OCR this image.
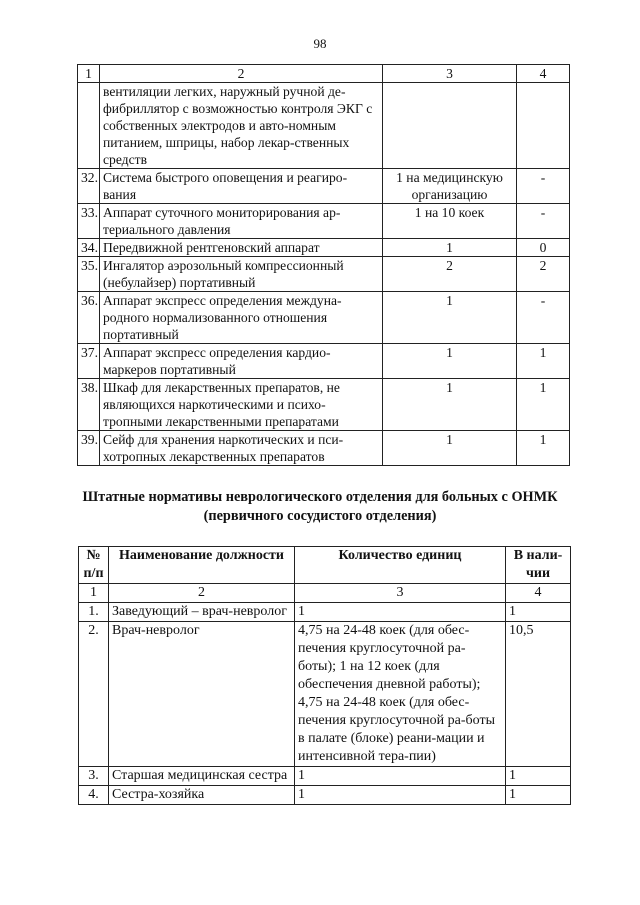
98
1	2	3	4
	вентиляции легких, наружный ручной де-фибриллятор с возможностью контроля ЭКГ с собственных электродов и авто-номным питанием, шприцы, набор лекар-ственных средств		
32.	Система быстрого оповещения и реагиро-вания	1 на медицинскую организацию	-
33.	Аппарат суточного мониторирования ар-териального давления	1 на 10 коек	-
34.	Передвижной рентгеновский аппарат	1	0
35.	Ингалятор аэрозольный компрессионный (небулайзер) портативный	2	2
36.	Аппарат экспресс определения междуна-родного нормализованного отношения портативный	1	-
37.	Аппарат экспресс определения кардио-маркеров портативный	1	1
38.	Шкаф для лекарственных препаратов, не являющихся наркотическими и психо-тропными лекарственными препаратами	1	1
39.	Сейф для хранения наркотических и пси-хотропных лекарственных препаратов	1	1
Штатные нормативы неврологического отделения для больных с ОНМК
(первичного сосудистого отделения)
№ п/п	Наименование должности	Количество единиц	В нали-чии
1	2	3	4
1.	Заведующий – врач-невролог	1	1
2.	Врач-невролог	4,75 на 24-48 коек (для обес-печения круглосуточной ра-боты); 1 на 12 коек (для обеспечения дневной работы); 4,75 на 24-48 коек (для обес-печения круглосуточной ра-боты в палате (блоке) реани-мации и интенсивной тера-пии)	10,5
3.	Старшая медицинская сестра	1	1
4.	Сестра-хозяйка	1	1
